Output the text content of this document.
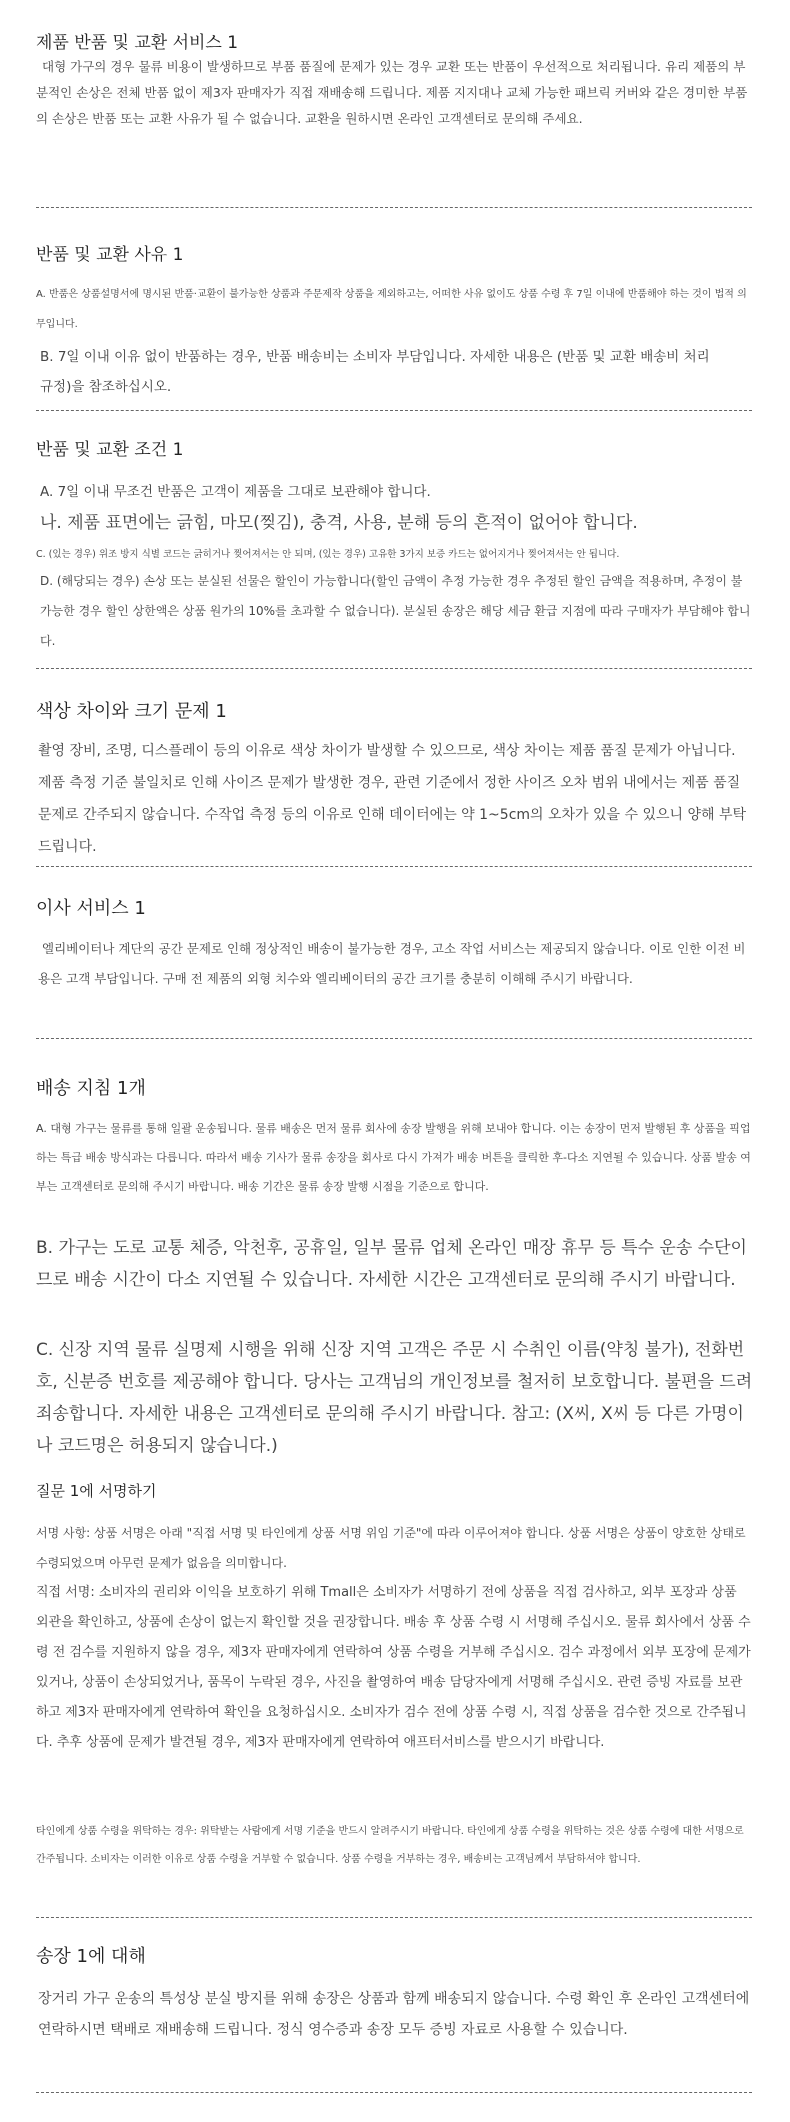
제품 반품 및 교환 서비스 1

대형 가구의 경우 물류 비용이 발생하므로 부품 품질에 문제가 있는 경우 교환 또는 반품이 우선적으로 처리됩니다. 유리 제품의 부분적인 손상은 전체 반품 없이 제3자 판매자가 직접 재배송해 드립니다. 제품 지지대나 교체 가능한 패브릭 커버와 같은 경미한 부품의 손상은 반품 또는 교환 사유가 될 수 없습니다. 교환을 원하시면 온라인 고객센터로 문의해 주세요.

반품 및 교환 사유 1

A. 반품은 상품설명서에 명시된 반품·교환이 불가능한 상품과 주문제작 상품을 제외하고는, 어떠한 사유 없이도 상품 수령 후 7일 이내에 반품해야 하는 것이 법적 의무입니다.

B. 7일 이내 이유 없이 반품하는 경우, 반품 배송비는 소비자 부담입니다. 자세한 내용은 (반품 및 교환 배송비 처리 규정)을 참조하십시오.

반품 및 교환 조건 1

A. 7일 이내 무조건 반품은 고객이 제품을 그대로 보관해야 합니다.

나. 제품 표면에는 긁힘, 마모(찢김), 충격, 사용, 분해 등의 흔적이 없어야 합니다.

C. (있는 경우) 위조 방지 식별 코드는 긁히거나 찢어져서는 안 되며, (있는 경우) 고유한 3가지 보증 카드는 없어지거나 찢어져서는 안 됩니다.

D. (해당되는 경우) 손상 또는 분실된 선물은 할인이 가능합니다(할인 금액이 추정 가능한 경우 추정된 할인 금액을 적용하며, 추정이 불가능한 경우 할인 상한액은 상품 원가의 10%를 초과할 수 없습니다). 분실된 송장은 해당 세금 환급 지점에 따라 구매자가 부담해야 합니다.

색상 차이와 크기 문제 1

촬영 장비, 조명, 디스플레이 등의 이유로 색상 차이가 발생할 수 있으므로, 색상 차이는 제품 품질 문제가 아닙니다. 제품 측정 기준 불일치로 인해 사이즈 문제가 발생한 경우, 관련 기준에서 정한 사이즈 오차 범위 내에서는 제품 품질 문제로 간주되지 않습니다. 수작업 측정 등의 이유로 인해 데이터에는 약 1~5cm의 오차가 있을 수 있으니 양해 부탁드립니다.

이사 서비스 1

엘리베이터나 계단의 공간 문제로 인해 정상적인 배송이 불가능한 경우, 고소 작업 서비스는 제공되지 않습니다. 이로 인한 이전 비용은 고객 부담입니다. 구매 전 제품의 외형 치수와 엘리베이터의 공간 크기를 충분히 이해해 주시기 바랍니다.

배송 지침 1개

A. 대형 가구는 물류를 통해 일괄 운송됩니다. 물류 배송은 먼저 물류 회사에 송장 발행을 위해 보내야 합니다. 이는 송장이 먼저 발행된 후 상품을 픽업하는 특급 배송 방식과는 다릅니다. 따라서 배송 기사가 물류 송장을 회사로 다시 가져가 배송 버튼을 클릭한 후-다소 지연될 수 있습니다. 상품 발송 여부는 고객센터로 문의해 주시기 바랍니다. 배송 기간은 물류 송장 발행 시점을 기준으로 합니다.

B. 가구는 도로 교통 체증, 악천후, 공휴일, 일부 물류 업체 온라인 매장 휴무 등 특수 운송 수단이므로 배송 시간이 다소 지연될 수 있습니다. 자세한 시간은 고객센터로 문의해 주시기 바랍니다.

C. 신장 지역 물류 실명제 시행을 위해 신장 지역 고객은 주문 시 수취인 이름(약칭 불가), 전화번호, 신분증 번호를 제공해야 합니다. 당사는 고객님의 개인정보를 철저히 보호합니다. 불편을 드려 죄송합니다. 자세한 내용은 고객센터로 문의해 주시기 바랍니다. 참고: (X씨, X씨 등 다른 가명이나 코드명은 허용되지 않습니다.)

질문 1에 서명하기

서명 사항: 상품 서명은 아래 "직접 서명 및 타인에게 상품 서명 위임 기준"에 따라 이루어져야 합니다. 상품 서명은 상품이 양호한 상태로 수령되었으며 아무런 문제가 없음을 의미합니다.

직접 서명: 소비자의 권리와 이익을 보호하기 위해 Tmall은 소비자가 서명하기 전에 상품을 직접 검사하고, 외부 포장과 상품 외관을 확인하고, 상품에 손상이 없는지 확인할 것을 권장합니다. 배송 후 상품 수령 시 서명해 주십시오. 물류 회사에서 상품 수령 전 검수를 지원하지 않을 경우, 제3자 판매자에게 연락하여 상품 수령을 거부해 주십시오. 검수 과정에서 외부 포장에 문제가 있거나, 상품이 손상되었거나, 품목이 누락된 경우, 사진을 촬영하여 배송 담당자에게 서명해 주십시오. 관련 증빙 자료를 보관하고 제3자 판매자에게 연락하여 확인을 요청하십시오. 소비자가 검수 전에 상품 수령 시, 직접 상품을 검수한 것으로 간주됩니다. 추후 상품에 문제가 발견될 경우, 제3자 판매자에게 연락하여 애프터서비스를 받으시기 바랍니다.

타인에게 상품 수령을 위탁하는 경우: 위탁받는 사람에게 서명 기준을 반드시 알려주시기 바랍니다. 타인에게 상품 수령을 위탁하는 것은 상품 수령에 대한 서명으로 간주됩니다. 소비자는 이러한 이유로 상품 수령을 거부할 수 없습니다. 상품 수령을 거부하는 경우, 배송비는 고객님께서 부담하셔야 합니다.

송장 1에 대해

장거리 가구 운송의 특성상 분실 방지를 위해 송장은 상품과 함께 배송되지 않습니다. 수령 확인 후 온라인 고객센터에 연락하시면 택배로 재배송해 드립니다. 정식 영수증과 송장 모두 증빙 자료로 사용할 수 있습니다.
